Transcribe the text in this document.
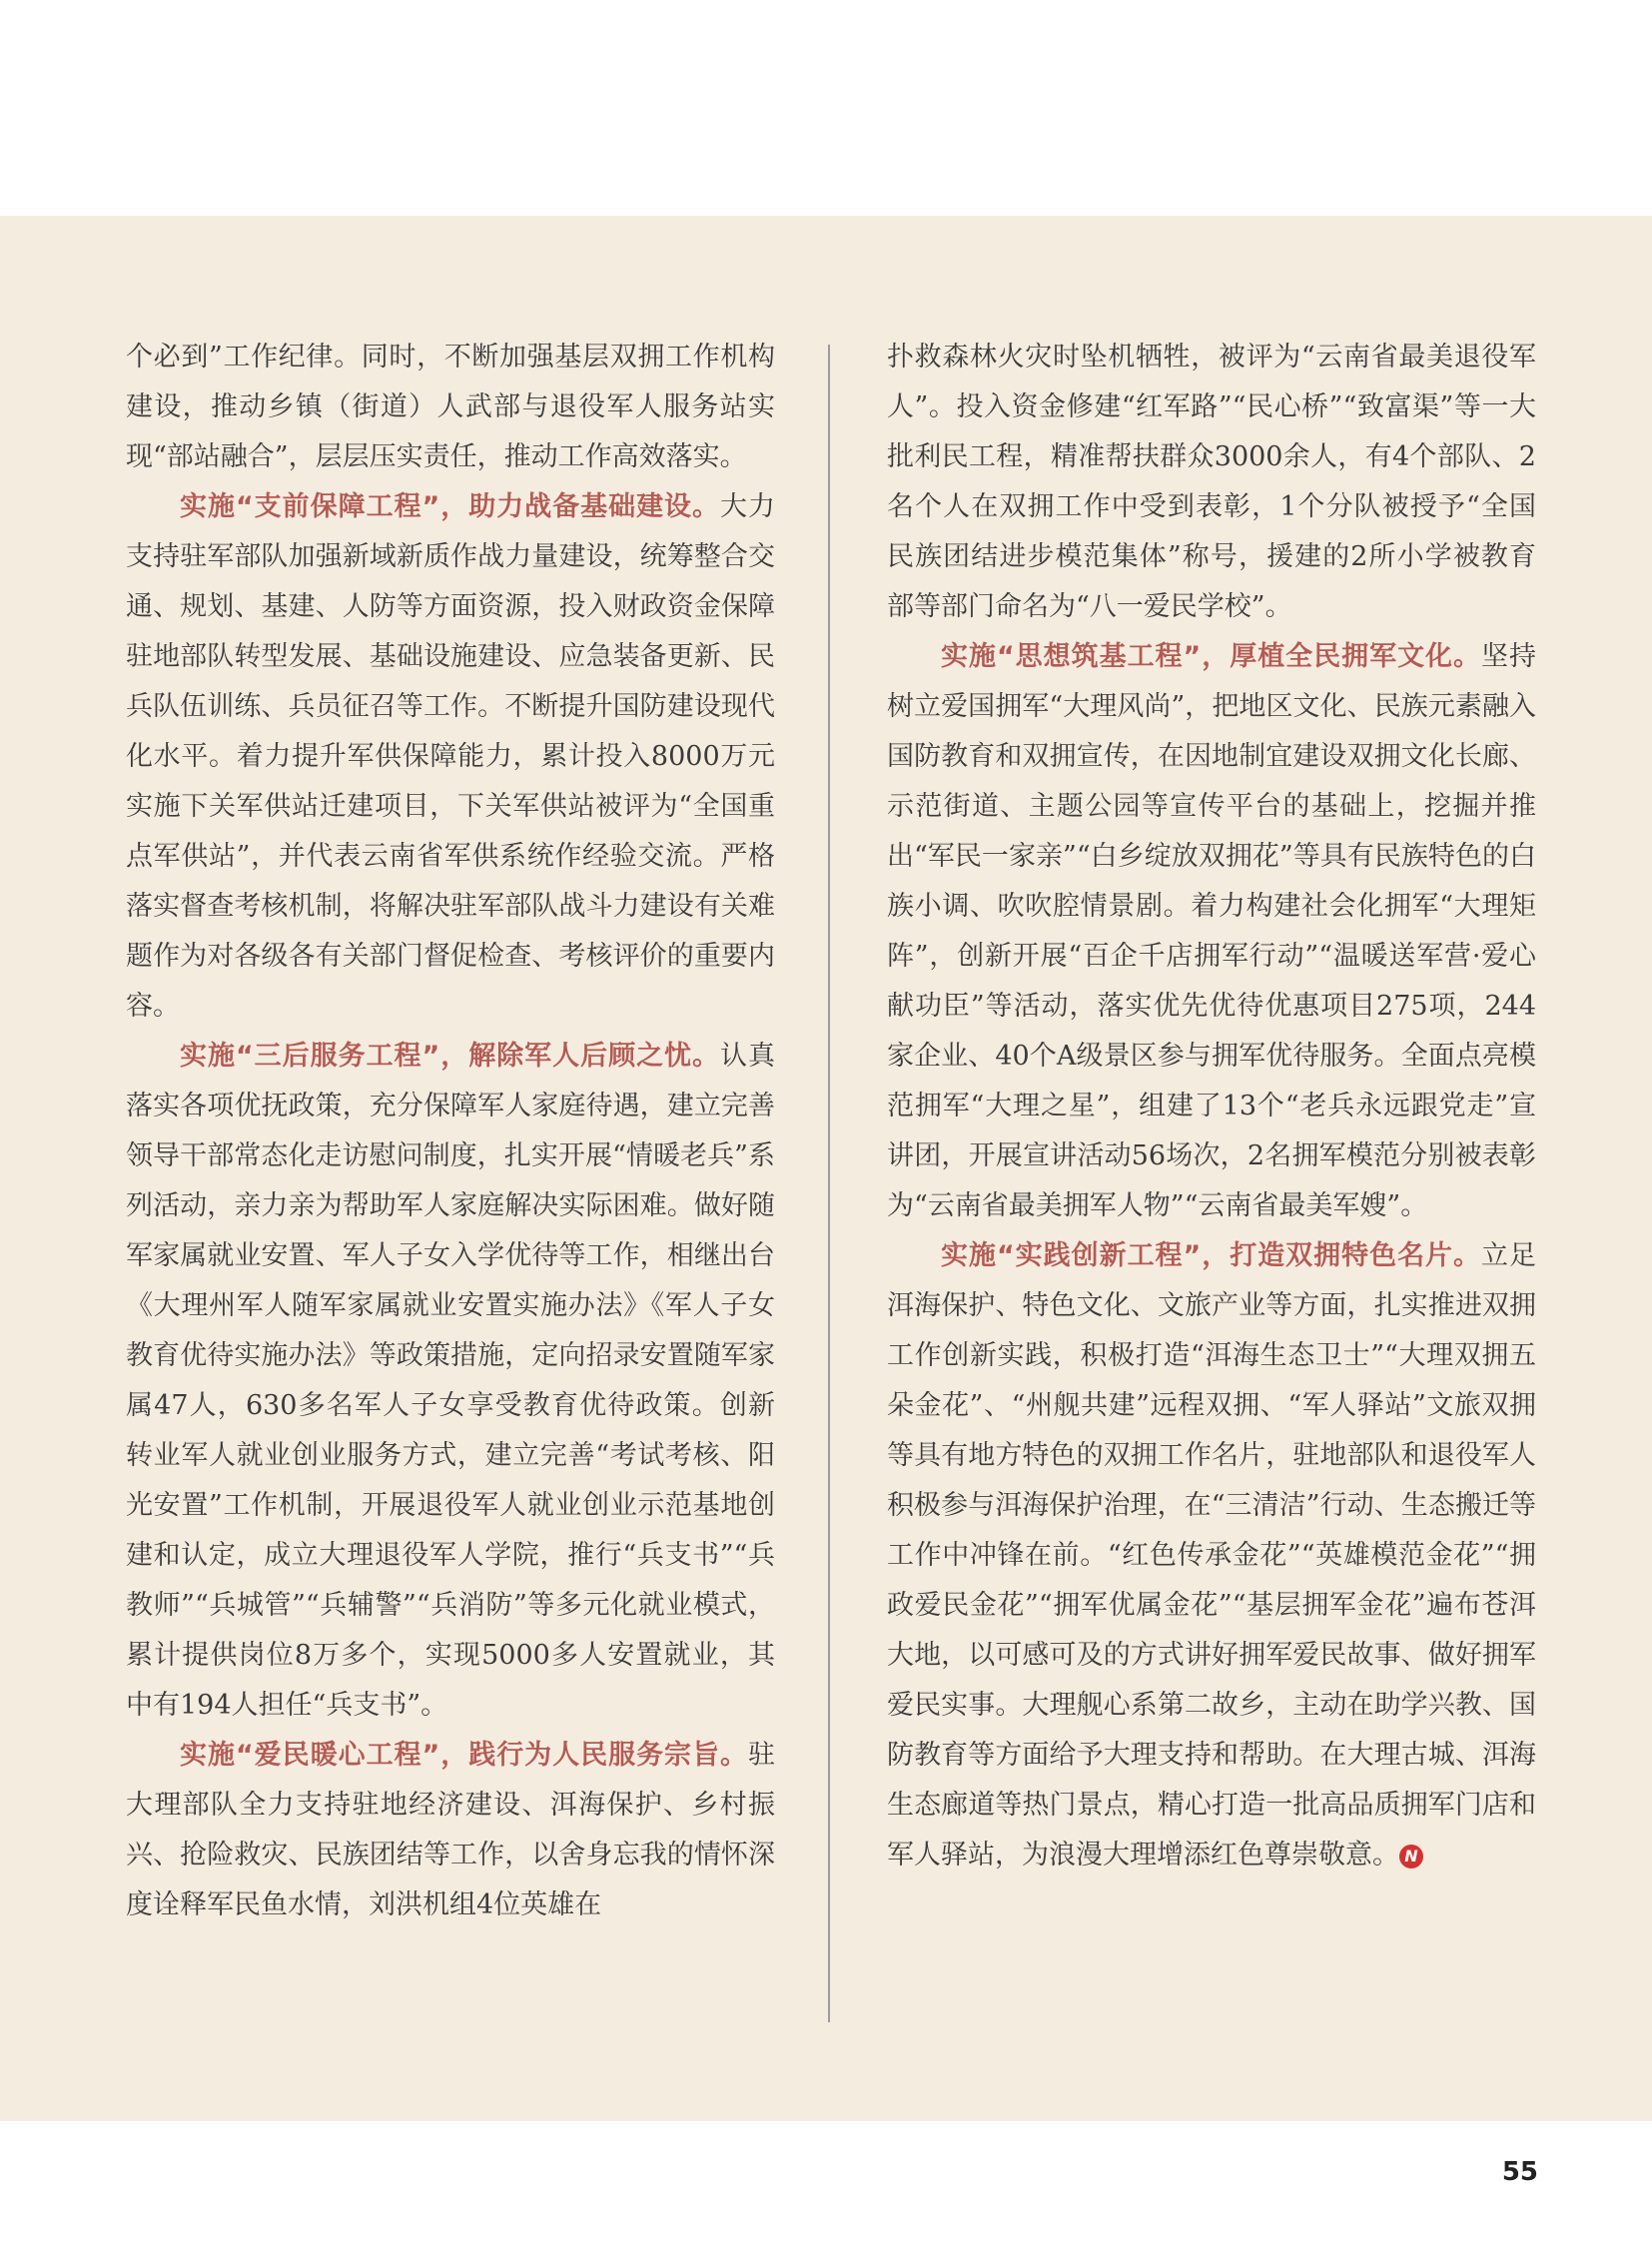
个必到”工作纪律。同时，不断加强基层双拥工作机构建设，推动乡镇（街道）人武部与退役军人服务站实现“部站融合”，层层压实责任，推动工作高效落实。

实施“支前保障工程”，助力战备基础建设。大力支持驻军部队加强新域新质作战力量建设，统筹整合交通、规划、基建、人防等方面资源，投入财政资金保障驻地部队转型发展、基础设施建设、应急装备更新、民兵队伍训练、兵员征召等工作。不断提升国防建设现代化水平。着力提升军供保障能力，累计投入8000万元实施下关军供站迁建项目，下关军供站被评为“全国重点军供站”，并代表云南省军供系统作经验交流。严格落实督查考核机制，将解决驻军部队战斗力建设有关难题作为对各级各有关部门督促检查、考核评价的重要内容。

实施“三后服务工程”，解除军人后顾之忧。认真落实各项优抚政策，充分保障军人家庭待遇，建立完善领导干部常态化走访慰问制度，扎实开展“情暖老兵”系列活动，亲力亲为帮助军人家庭解决实际困难。做好随军家属就业安置、军人子女入学优待等工作，相继出台《大理州军人随军家属就业安置实施办法》《军人子女教育优待实施办法》等政策措施，定向招录安置随军家属47人，630多名军人子女享受教育优待政策。创新转业军人就业创业服务方式，建立完善“考试考核、阳光安置”工作机制，开展退役军人就业创业示范基地创建和认定，成立大理退役军人学院，推行“兵支书”“兵教师”“兵城管”“兵辅警”“兵消防”等多元化就业模式，累计提供岗位8万多个，实现5000多人安置就业，其中有194人担任“兵支书”。

实施“爱民暖心工程”，践行为人民服务宗旨。驻大理部队全力支持驻地经济建设、洱海保护、乡村振兴、抢险救灾、民族团结等工作，以舍身忘我的情怀深度诠释军民鱼水情，刘洪机组4位英雄在

扑救森林火灾时坠机牺牲，被评为“云南省最美退役军人”。投入资金修建“红军路”“民心桥”“致富渠”等一大批利民工程，精准帮扶群众3000余人，有4个部队、2名个人在双拥工作中受到表彰，1个分队被授予“全国民族团结进步模范集体”称号，援建的2所小学被教育部等部门命名为“八一爱民学校”。

实施“思想筑基工程”，厚植全民拥军文化。坚持树立爱国拥军“大理风尚”，把地区文化、民族元素融入国防教育和双拥宣传，在因地制宜建设双拥文化长廊、示范街道、主题公园等宣传平台的基础上，挖掘并推出“军民一家亲”“白乡绽放双拥花”等具有民族特色的白族小调、吹吹腔情景剧。着力构建社会化拥军“大理矩阵”，创新开展“百企千店拥军行动”“温暖送军营·爱心献功臣”等活动，落实优先优待优惠项目275项，244家企业、40个A级景区参与拥军优待服务。全面点亮模范拥军“大理之星”，组建了13个“老兵永远跟党走”宣讲团，开展宣讲活动56场次，2名拥军模范分别被表彰为“云南省最美拥军人物”“云南省最美军嫂”。

实施“实践创新工程”，打造双拥特色名片。立足洱海保护、特色文化、文旅产业等方面，扎实推进双拥工作创新实践，积极打造“洱海生态卫士”“大理双拥五朵金花”、“州舰共建”远程双拥、“军人驿站”文旅双拥等具有地方特色的双拥工作名片，驻地部队和退役军人积极参与洱海保护治理，在“三清洁”行动、生态搬迁等工作中冲锋在前。“红色传承金花”“英雄模范金花”“拥政爱民金花”“拥军优属金花”“基层拥军金花”遍布苍洱大地，以可感可及的方式讲好拥军爱民故事、做好拥军爱民实事。大理舰心系第二故乡，主动在助学兴教、国防教育等方面给予大理支持和帮助。在大理古城、洱海生态廊道等热门景点，精心打造一批高品质拥军门店和军人驿站，为浪漫大理增添红色尊崇敬意。 N

55
